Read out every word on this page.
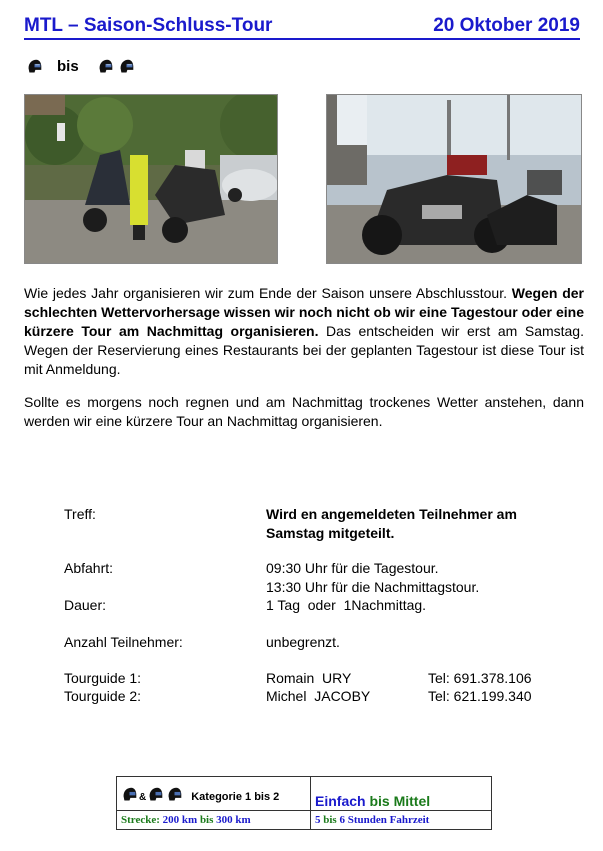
MTL – Saison-Schluss-Tour	20 Oktober 2019
bis
Wie jedes Jahr organisieren wir zum Ende der Saison unsere Abschlusstour. Wegen der schlechten Wettervorhersage wissen wir noch nicht ob wir eine Tagestour oder eine kürzere Tour am Nachmittag organisieren. Das entscheiden wir erst am Samstag. Wegen der Reservierung eines Restaurants bei der geplanten Tagestour ist diese Tour ist mit Anmeldung.
Sollte es morgens noch regnen und am Nachmittag trockenes Wetter anstehen, dann werden wir eine kürzere Tour an Nachmittag organisieren.
Treff:	Wird en angemeldeten Teilnehmer am Samstag mitgeteilt.
Abfahrt:	09:30 Uhr für die Tagestour.
13:30 Uhr für die Nachmittagstour.
Dauer:	1 Tag  oder  1Nachmittag.
Anzahl Teilnehmer:	unbegrenzt.
Tourguide 1:	Romain  URY	Tel: 691.378.106
Tourguide 2:	Michel  JACOBY	Tel: 621.199.340
&	Kategorie 1 bis 2	Einfach bis Mittel
Strecke: 200 km bis 300 km	5 bis 6 Stunden Fahrzeit
